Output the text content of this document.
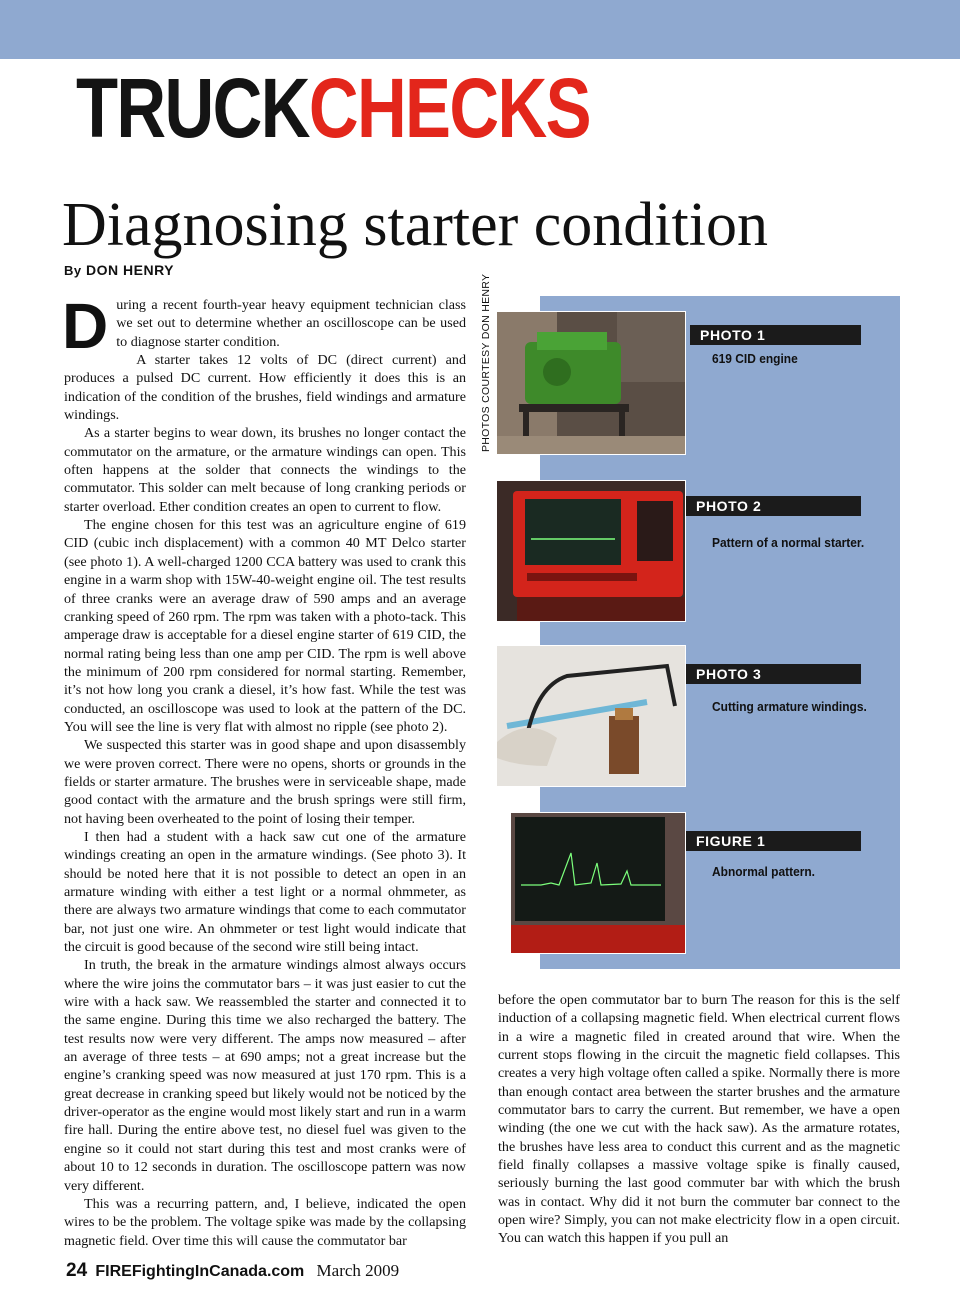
TRUCKCHECKS
Diagnosing starter condition
By DON HENRY
D uring a recent fourth-year heavy equipment technician class we set out to determine whether an oscilloscope can be used to diagnose starter condition.

A starter takes 12 volts of DC (direct current) and produces a pulsed DC current. How efficiently it does this is an indication of the condition of the brushes, field windings and armature windings.

As a starter begins to wear down, its brushes no longer contact the commutator on the armature, or the armature windings can open. This often happens at the solder that connects the windings to the commutator. This solder can melt because of long cranking periods or starter overload. Ether condition creates an open to current to flow.

The engine chosen for this test was an agriculture engine of 619 CID (cubic inch displacement) with a common 40 MT Delco starter (see photo 1). A well-charged 1200 CCA battery was used to crank this engine in a warm shop with 15W-40-weight engine oil. The test results of three cranks were an average draw of 590 amps and an average cranking speed of 260 rpm. The rpm was taken with a photo-tack. This amperage draw is acceptable for a diesel engine starter of 619 CID, the normal rating being less than one amp per CID. The rpm is well above the minimum of 200 rpm considered for normal starting. Remember, it’s not how long you crank a diesel, it’s how fast. While the test was conducted, an oscilloscope was used to look at the pattern of the DC. You will see the line is very flat with almost no ripple (see photo 2).

We suspected this starter was in good shape and upon disassembly we were proven correct. There were no opens, shorts or grounds in the fields or starter armature. The brushes were in serviceable shape, made good contact with the armature and the brush springs were still firm, not having been overheated to the point of losing their temper.

I then had a student with a hack saw cut one of the armature windings creating an open in the armature windings. (See photo 3). It should be noted here that it is not possible to detect an open in an armature winding with either a test light or a normal ohmmeter, as there are always two armature windings that come to each commutator bar, not just one wire. An ohmmeter or test light would indicate that the circuit is good because of the second wire still being intact.

In truth, the break in the armature windings almost always occurs where the wire joins the commutator bars – it was just easier to cut the wire with a hack saw. We reassembled the starter and connected it to the same engine. During this time we also recharged the battery. The test results now were very different. The amps now measured – after an average of three tests – at 690 amps; not a great increase but the engine’s cranking speed was now measured at just 170 rpm. This is a great decrease in cranking speed but likely would not be noticed by the driver-operator as the engine would most likely start and run in a warm fire hall. During the entire above test, no diesel fuel was given to the engine so it could not start during this test and most cranks were of about 10 to 12 seconds in duration. The oscilloscope pattern was now very different.

This was a recurring pattern, and, I believe, indicated the open wires to be the problem. The voltage spike was made by the collapsing magnetic field. Over time this will cause the commutator bar

PHOTOS COURTESY DON HENRY	PHOTO 1
619 CID engine
PHOTO 2
Pattern of a normal starter.
PHOTO 3
Cutting armature windings.
FIGURE 1
Abnormal pattern.

before the open commutator bar to burn The reason for this is the self induction of a collapsing magnetic field. When electrical current flows in a wire a magnetic filed in created around that wire. When the current stops flowing in the circuit the magnetic field collapses. This creates a very high voltage often called a spike. Normally there is more than enough contact area between the starter brushes and the armature commutator bars to carry the current. But remember, we have a open winding (the one we cut with the hack saw). As the armature rotates, the brushes have less area to conduct this current and as the magnetic field finally collapses a massive voltage spike is finally caused, seriously burning the last good commuter bar with which the brush was in contact. Why did it not burn the commuter bar connect to the open wire? Simply, you can not make electricity flow in a open circuit. You can watch this happen if you pull an

24 FIREFightingInCanada.com March 2009
